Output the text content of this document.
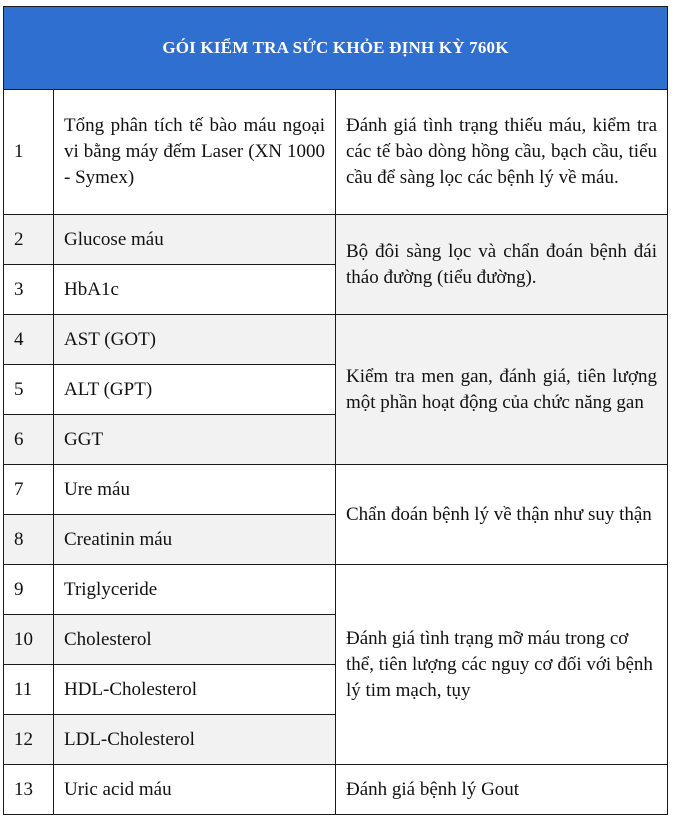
GÓI KIỂM TRA SỨC KHỎE ĐỊNH KỲ 760K		
1	Tổng phân tích tế bào máu ngoại vi bằng máy đếm Laser (XN 1000 - Symex)	Đánh giá tình trạng thiếu máu, kiểm tra các tế bào dòng hồng cầu, bạch cầu, tiểu cầu để sàng lọc các bệnh lý về máu.
2	Glucose máu	Bộ đôi sàng lọc và chẩn đoán bệnh đái tháo đường (tiểu đường).
3	HbA1c	
4	AST (GOT)	Kiểm tra men gan, đánh giá, tiên lượng một phần hoạt động của chức năng gan
5	ALT (GPT)	
6	GGT	
7	Ure máu	Chẩn đoán bệnh lý về thận như suy thận
8	Creatinin máu	
9	Triglyceride	Đánh giá tình trạng mỡ máu trong cơ thể, tiên lượng các nguy cơ đối với bệnh lý tim mạch, tụy
10	Cholesterol	
11	HDL-Cholesterol	
12	LDL-Cholesterol	
13	Uric acid máu	Đánh giá bệnh lý Gout
